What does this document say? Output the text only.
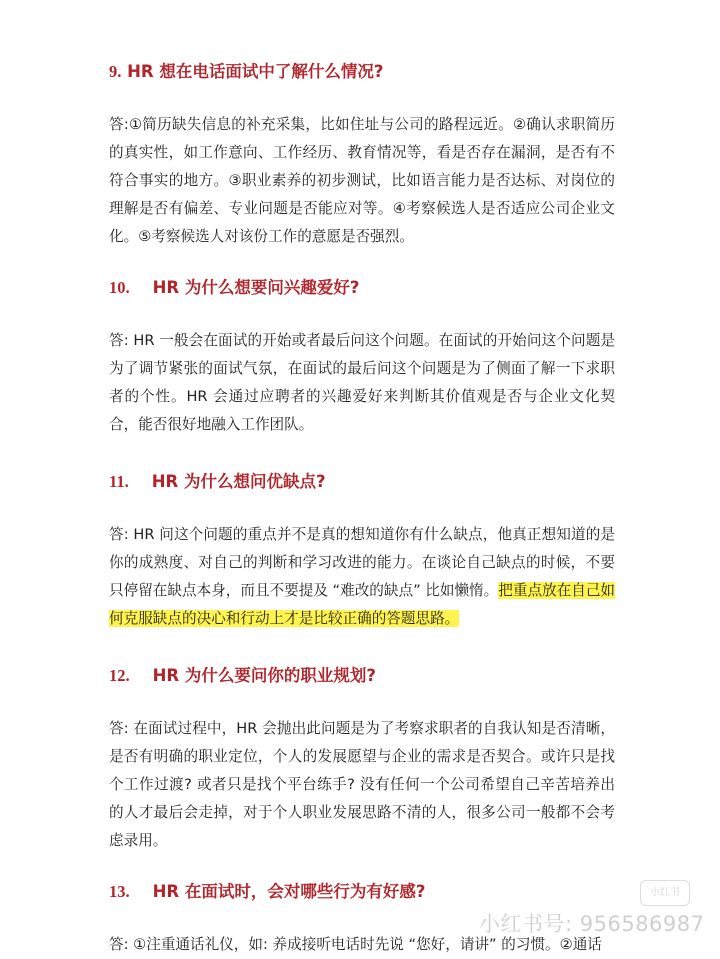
9. HR 想在电话面试中了解什么情况?

答:①简历缺失信息的补充采集，比如住址与公司的路程远近。②确认求职简历的真实性，如工作意向、工作经历、教育情况等，看是否存在漏洞，是否有不符合事实的地方。③职业素养的初步测试，比如语言能力是否达标、对岗位的理解是否有偏差、专业问题是否能应对等。④考察候选人是否适应公司企业文化。⑤考察候选人对该份工作的意愿是否强烈。

10. HR 为什么想要问兴趣爱好?

答: HR 一般会在面试的开始或者最后问这个问题。在面试的开始问这个问题是为了调节紧张的面试气氛，在面试的最后问这个问题是为了侧面了解一下求职者的个性。HR 会通过应聘者的兴趣爱好来判断其价值观是否与企业文化契合，能否很好地融入工作团队。

11. HR 为什么想问优缺点?

答: HR 问这个问题的重点并不是真的想知道你有什么缺点，他真正想知道的是你的成熟度、对自己的判断和学习改进的能力。在谈论自己缺点的时候，不要只停留在缺点本身，而且不要提及 “难改的缺点” 比如懒惰。把重点放在自己如何克服缺点的决心和行动上才是比较正确的答题思路。

12. HR 为什么要问你的职业规划?

答: 在面试过程中，HR 会抛出此问题是为了考察求职者的自我认知是否清晰，是否有明确的职业定位，个人的发展愿望与企业的需求是否契合。或许只是找个工作过渡? 或者只是找个平台练手? 没有任何一个公司希望自己辛苦培养出的人才最后会走掉，对于个人职业发展思路不清的人，很多公司一般都不会考虑录用。

13. HR 在面试时，会对哪些行为有好感?

答: ①注重通话礼仪，如: 养成接听电话时先说 “您好，请讲” 的习惯。②通话

小红书
小红书号: 956586987
